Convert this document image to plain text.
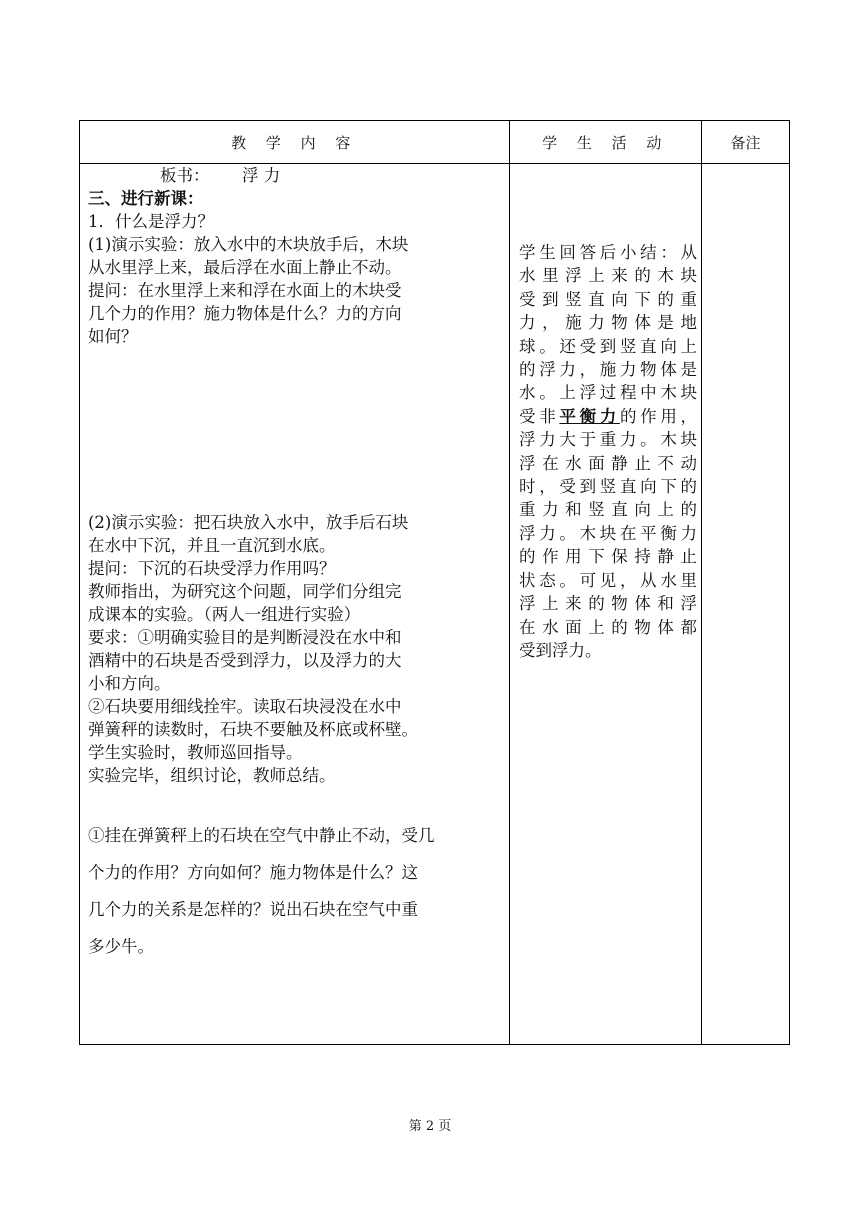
教 学 内 容	学 生 活 动	备注
板书： 浮 力
三、进行新课：
1．什么是浮力？
(1)演示实验：放入水中的木块放手后，木块
从水里浮上来，最后浮在水面上静止不动。
提问：在水里浮上来和浮在水面上的木块受
几个力的作用？施力物体是什么？力的方向
如何？
(2)演示实验：把石块放入水中，放手后石块
在水中下沉，并且一直沉到水底。
提问：下沉的石块受浮力作用吗？
教师指出，为研究这个问题，同学们分组完
成课本的实验。（两人一组进行实验）
要求：①明确实验目的是判断浸没在水中和
酒精中的石块是否受到浮力，以及浮力的大
小和方向。
②石块要用细线拴牢。读取石块浸没在水中
弹簧秤的读数时，石块不要触及杯底或杯壁。
学生实验时，教师巡回指导。
实验完毕，组织讨论，教师总结。
①挂在弹簧秤上的石块在空气中静止不动，受几
个力的作用？方向如何？施力物体是什么？这
几个力的关系是怎样的？说出石块在空气中重
多少牛。
学生回答后小结：从
水里浮上来的木块
受到竖直向下的重
力，施力物体是地
球。还受到竖直向上
的浮力，施力物体是
水。上浮过程中木块
受非平衡力的作用，
浮力大于重力。木块
浮在水面静止不动
时，受到竖直向下的
重力和竖直向上的
浮力。木块在平衡力
的作用下保持静止
状态。可见，从水里
浮上来的物体和浮
在水面上的物体都
受到浮力。
第 2 页
